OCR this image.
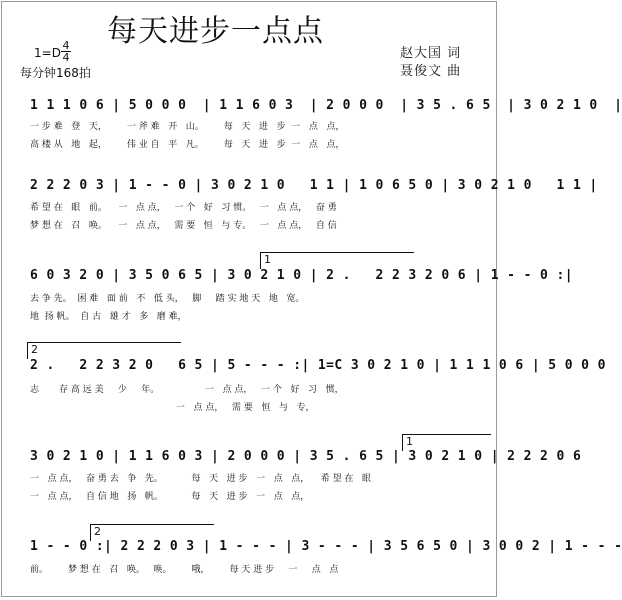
每天进步一点点
1=D
4
4
每分钟168拍
赵大国 词
聂俊文 曲
1 1 1 0 6 | 5 0 0 0  | 1 1 6 0 3  | 2 0 0 0  | 3 5 . 6 5  | 3 0 2 1 0  |
一 步 难   登   天，       一 斧 难   开   山。       每   天   进   步  一   点   点，
高 楼 从   地   起，       伟 业 自   平   凡。       每   天   进   步  一   点   点，
2 2 2 0 3 | 1 - - 0 | 3 0 2 1 0   1 1 | 1 0 6 5 0 | 3 0 2 1 0   1 1 |
希 望 在   眼   前。    一   点 点，   一 个   好   习 惯。   一   点 点，   奋 勇
梦 想 在   召   唤。    一   点 点，   需 要   恒   与 专。   一   点 点，   自 信
1
6 0 3 2 0 | 3 5 0 6 5 | 3 0 2 1 0 | 2 .   2 2 3 2 0 6 | 1 - - 0 :|
去 争 先。  困 难   面 前   不   低 头，   脚     踏 实 地 天   地   宽。
地  扬 帆。  自 古   雄 才   多   磨 难，
2
2 .   2 2 3 2 0   6 5 | 5 - - - :| 1=C 3 0 2 1 0 | 1 1 1 0 6 | 5 0 0 0
志       存 高 远 美     少     年。                一   点 点，   一 个   好   习   惯，
一   点 点，   需 要   恒   与   专，
1
3 0 2 1 0 | 1 1 6 0 3 | 2 0 0 0 | 3 5 . 6 5 | 3 0 2 1 0 | 2 2 2 0 6
一   点 点，   奋 勇 去   争   先。          每   天   进 步   一   点   点，    希 望 在   眼
一   点 点，   自 信 地   扬   帆。          每   天   进 步   一   点   点，
2
1 - - 0 :| 2 2 2 0 3 | 1 - - - | 3 - - - | 3 5 6 5 0 | 3 0 0 2 | 1 - - -
前。       梦 想 在   召   唤。   唤。       哦，       每 天 进 步     一     点   点
